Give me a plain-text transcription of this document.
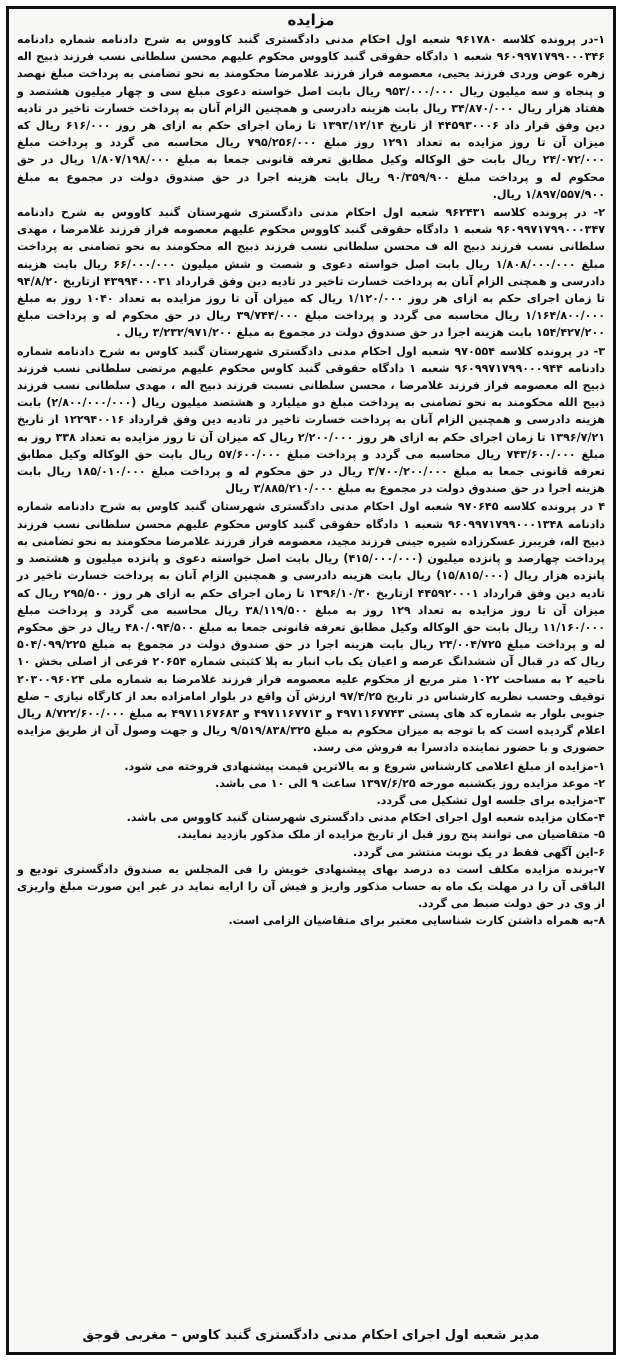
مزایده

۱-در پرونده کلاسه ۹۶۱۷۸۰ شعبه اول احکام مدنی دادگستری گنبد کاووس به شرح دادنامه شماره دادنامه ۹۶۰۹۹۷۱۷۹۹۰۰۰۳۴۶ شعبه ۱ دادگاه حقوقی گنبد کاووس محکوم علیهم محسن سلطانی نسب فرزند ذبیح اله زهره عوض وردی فرزند یحیی، معصومه فراز فرزند غلامرضا محکومند به نحو تضامنی به پرداخت مبلغ نهصد و پنجاه و سه میلیون ریال ۹۵۳/۰۰۰/۰۰۰ ریال بابت اصل خواسته دعوی مبلغ سی و چهار میلیون هشتصد و هفتاد هزار ریال ۳۴/۸۷۰/۰۰۰ ریال بابت هزینه دادرسی و همچنین الزام آنان به پرداخت خسارت تاخیر در تادیه دین وفق قرار داد ۴۴۵۹۳۰۰۰۶ از تاریخ ۱۳۹۳/۱۲/۱۴ تا زمان اجرای حکم به ازای هر روز ۶۱۶/۰۰۰ ریال که میزان آن تا روز مزایده به تعداد ۱۲۹۱ روز مبلغ ۷۹۵/۲۵۶/۰۰۰ ریال محاسبه می گردد و پرداخت مبلغ ۲۴/۰۷۲/۰۰۰ ریال بابت حق الوکاله وکیل مطابق تعرفه قانونی جمعا به مبلغ ۱/۸۰۷/۱۹۸/۰۰۰ ریال در حق محکوم له و پرداخت مبلغ ۹۰/۳۵۹/۹۰۰ ریال بابت هزینه اجرا در حق صندوق دولت در مجموع به مبلغ ۱/۸۹۷/۵۵۷/۹۰۰ ریال.

۲- در پرونده کلاسه ۹۶۲۴۳۱ شعبه اول احکام مدنی دادگستری شهرستان گنبد کاووس به شرح دادنامه ۹۶۰۹۹۷۱۷۹۹۰۰۰۳۴۷ شعبه ۱ دادگاه حقوقی گنبد کاووس محکوم علیهم معصومه فراز فرزند غلامرضا ، مهدی سلطانی نسب فرزند ذبیح اله ف محسن سلطانی نسب فرزند ذبیح اله محکومند به نحو تضامنی به پرداخت مبلغ ۱/۸۰۸/۰۰۰/۰۰۰ ریال بابت اصل خواسته دعوی و شصت و شش میلیون ۶۶/۰۰۰/۰۰۰ ریال بابت هزینه دادرسی و همچنی الزام آنان به پرداخت خسارت تاخیر در تادیه دین وفق قرارداد ۴۳۹۹۴۰۰۰۳۱ ازتاریخ ۹۴/۸/۲۰ تا زمان اجرای حکم به ازای هر روز ۱/۱۲۰/۰۰۰ ریال که میزان آن تا روز مزایده به تعداد ۱۰۴۰ روز به مبلغ ۱/۱۶۴/۸۰۰/۰۰۰ ریال محاسبه می گردد و پرداخت مبلغ ۳۹/۷۴۴/۰۰۰ ریال در حق محکوم له و پرداخت مبلغ ۱۵۴/۴۲۷/۲۰۰ بابت هزینه اجرا در حق صندوق دولت در مجموع به مبلغ ۳/۲۳۲/۹۷۱/۲۰۰ ریال .

۳- در پرونده کلاسه ۹۷۰۵۵۴ شعبه اول احکام مدنی دادگستری شهرستان گنبد کاوس به شرح دادنامه شماره دادنامه ۹۶۰۹۹۷۱۷۹۹۰۰۰۹۴۴ شعبه ۱ دادگاه حقوقی گنبد کاوس محکوم علیهم مرتضی سلطانی نسب فرزند ذبیح اله معصومه فراز فرزند غلامرضا ، محسن سلطانی نسبت فرزند ذبیح اله ، مهدی سلطانی نسب فرزند ذبیح الله محکومند به نحو تضامنی به پرداخت مبلغ دو میلیارد و هشتصد میلیون ریال (۲/۸۰۰/۰۰۰/۰۰۰) بابت هزینه دادرسی و همچنین الزام آنان به پرداخت خسارت تاخیر در تادیه دین وفق قرارداد ۱۲۲۹۴۰۰۱۶ از تاریخ ۱۳۹۶/۷/۲۱ تا زمان اجرای حکم به ازای هر روز ۲/۲۰۰/۰۰۰ ریال که میزان آن تا روز مزایده به تعداد ۳۳۸ روز به مبلغ ۷۴۳/۶۰۰/۰۰۰ ریال محاسبه می گردد و پرداخت مبلغ ۵۷/۶۰۰/۰۰۰ ریال بابت حق الوکاله وکیل مطابق تعرفه قانونی جمعا به مبلغ ۳/۷۰۰/۲۰۰/۰۰۰ ریال در حق محکوم له و پرداخت مبلغ ۱۸۵/۰۱۰/۰۰۰ ریال بابت هزینه اجرا در حق صندوق دولت در مجموع به مبلغ ۳/۸۸۵/۲۱۰/۰۰۰ ریال

۴ در پرونده کلاسه ۹۷۰۶۴۵ شعبه اول احکام مدنی دادگستری شهرستان گنبد کاوس به شرح دادنامه شماره دادنامه ۹۶۰۹۹۷۱۷۹۹۰۰۰۱۳۴۸ شعبه ۱ دادگاه حقوقی گنبد کاوس محکوم علیهم محسن سلطانی نسب فرزند ذبیح اله، فریبرز عسکرزاده شیره جینی فرزند مجید، معصومه فراز فرزند غلامرضا محکومند به نحو تضامنی به پرداخت چهارصد و پانزده میلیون (۴۱۵/۰۰۰/۰۰۰) ریال بابت اصل خواسته دعوی و پانزده میلیون و هشتصد و پانزده هزار ریال (۱۵/۸۱۵/۰۰۰) ریال بابت هزینه دادرسی و همچنین الزام آنان به پرداخت خسارت تاخیر در تادیه دین وفق قرارداد ۴۴۵۹۲۰۰۰۱ ازتاریخ ۱۳۹۶/۱۰/۳۰ تا زمان اجرای حکم به ازای هر روز ۲۹۵/۵۰۰ ریال که میزان آن تا روز مزایده به تعداد ۱۲۹ روز به مبلغ ۳۸/۱۱۹/۵۰۰ ریال محاسبه می گردد و پرداخت مبلغ ۱۱/۱۶۰/۰۰۰ ریال بابت حق الوکاله وکیل مطابق تعرفه قانونی جمعا به مبلغ ۴۸۰/۰۹۴/۵۰۰ ریال در حق محکوم له و پرداخت مبلغ ۲۴/۰۰۴/۷۲۵ ریال بابت هزینه اجرا در حق صندوق دولت در مجموع به مبلغ ۵۰۴/۰۹۹/۲۲۵ ریال که در قبال آن ششدانگ عرصه و اعیان یک باب انبار به پلا کثبتی شماره ۲۰۶۵۴ فرعی از اصلی بخش ۱۰ ناحیه ۲ به مساحت ۱۰۲۲ متر مربع از محکوم علیه معصومه فراز فرزند غلامرضا به شماره ملی ۲۰۳۰۰۹۶۰۲۴ توقیف وحسب نظریه کارشناس در تاریخ ۹۷/۴/۲۵ ارزش آن واقع در بلوار امامزاده بعد از کارگاه نیازی – ضلع جنوبی بلوار به شماره کد های پستی ۴۹۷۱۱۶۷۷۴۳ و ۴۹۷۱۱۶۷۷۱۳ و ۴۹۷۱۱۶۷۶۸۳ به مبلغ ۸/۷۲۲/۶۰۰/۰۰۰ ریال اعلام گردیده است که با توجه به میزان محکوم به مبلغ ۹/۵۱۹/۸۳۸/۳۲۵ ریال و جهت وصول آن از طریق مزایده حضوری و با حضور نماینده دادسرا به فروش می رسد.

۱-مزایده از مبلغ اعلامی کارشناس شروع و به بالاترین قیمت پیشنهادی فروخته می شود.

۲- موعد مزایده روز یکشنبه مورخه ۱۳۹۷/۶/۲۵ ساعت ۹ الی ۱۰ می باشد.

۳-مزایده برای جلسه اول تشکیل می گردد.

۴-مکان مزایده شعبه اول اجرای احکام مدنی دادگستری شهرستان گنبد کاووس می باشد.

۵- متقاضیان می توانند پنج روز قبل از تاریخ مزایده از ملک مذکور بازدید نمایند.

۶-این آگهی فقط در یک نوبت منتشر می گردد.

۷-برنده مزایده مکلف است ده درصد بهای پیشنهادی خویش را فی المجلس به صندوق دادگستری تودیع و الباقی آن را در مهلت یک ماه به حساب مذکور واریز و فیش آن را ارایه نماید در غیر این صورت مبلغ واریزی از وی در حق دولت ضبط می گردد.

۸-به همراه داشتن کارت شناسایی معتبر برای متقاضیان الزامی است.

مدیر شعبه اول اجرای احکام مدنی دادگستری گنبد کاوس – مغربی قوجق
